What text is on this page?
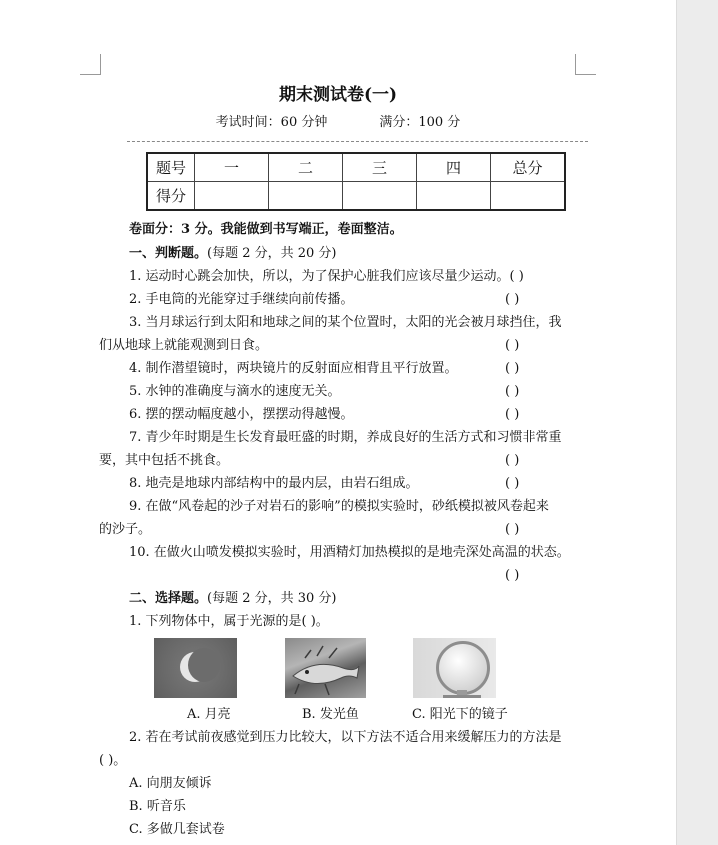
期末测试卷(一)
考试时间：60 分钟	满分：100 分
题号	一	二	三	四	总分
得分					
卷面分：3 分。我能做到书写端正，卷面整洁。
一、判断题。(每题 2 分，共 20 分)
1. 运动时心跳会加快，所以，为了保护心脏我们应该尽量少运动。( )
2. 手电筒的光能穿过手继续向前传播。	( )
3. 当月球运行到太阳和地球之间的某个位置时，太阳的光会被月球挡住，我
们从地球上就能观测到日食。	( )
4. 制作潜望镜时，两块镜片的反射面应相背且平行放置。	( )
5. 水钟的准确度与滴水的速度无关。	( )
6. 摆的摆动幅度越小，摆摆动得越慢。	( )
7. 青少年时期是生长发育最旺盛的时期，养成良好的生活方式和习惯非常重
要，其中包括不挑食。	( )
8. 地壳是地球内部结构中的最内层，由岩石组成。	( )
9. 在做“风卷起的沙子对岩石的影响”的模拟实验时，砂纸模拟被风卷起来
的沙子。	( )
10. 在做火山喷发模拟实验时，用酒精灯加热模拟的是地壳深处高温的状态。
( )
二、选择题。(每题 2 分，共 30 分)
1. 下列物体中，属于光源的是( )。
A. 月亮	B. 发光鱼	C. 阳光下的镜子
2. 若在考试前夜感觉到压力比较大，以下方法不适合用来缓解压力的方法是
( )。
A. 向朋友倾诉
B. 听音乐
C. 多做几套试卷
